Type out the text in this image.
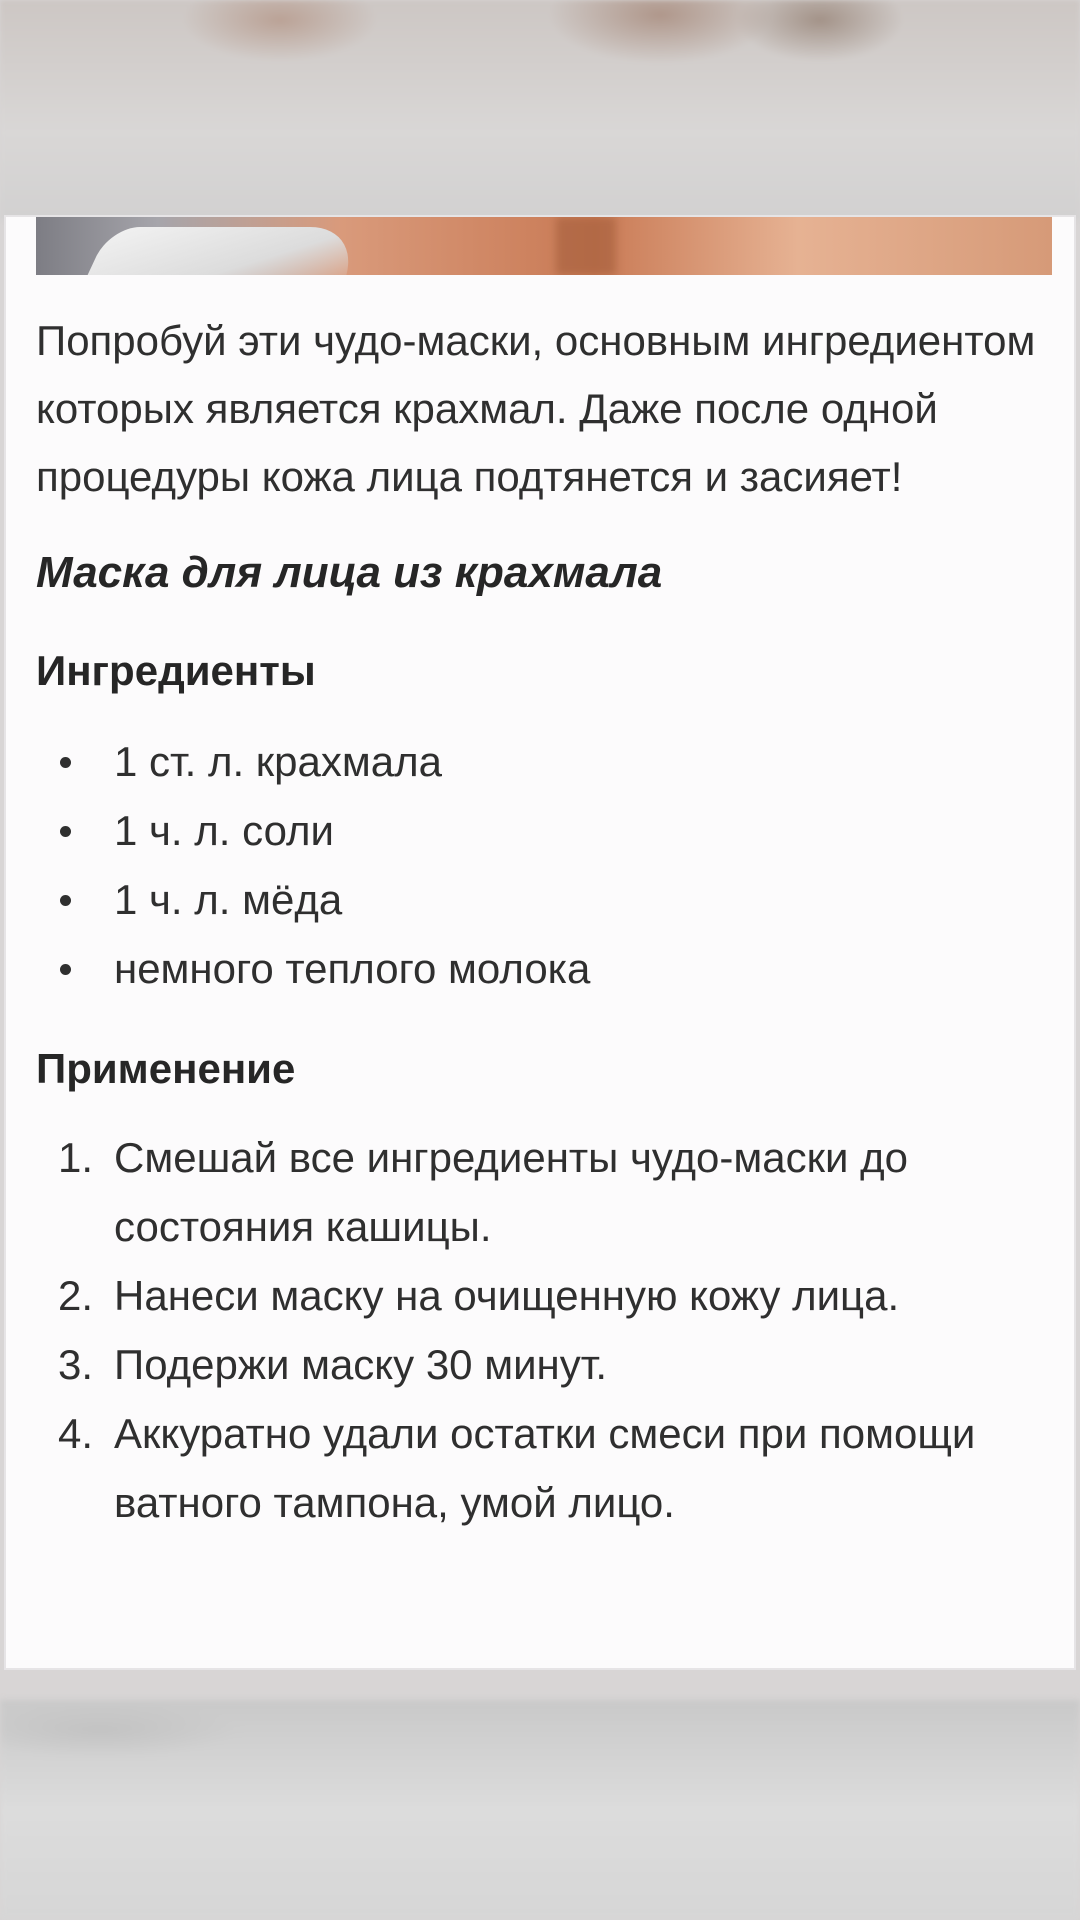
Попробуй эти чудо-маски, основным ингредиентом которых является крахмал. Даже после одной процедуры кожа лица подтянется и засияет!

Маска для лица из крахмала
Ингредиенты
1 ст. л. крахмала
1 ч. л. соли
1 ч. л. мёда
немного теплого молока
Применение
1. Смешай все ингредиенты чудо-маски до состояния кашицы.
2. Нанеси маску на очищенную кожу лица.
3. Подержи маску 30 минут.
4. Аккуратно удали остатки смеси при помощи ватного тампона, умой лицо.
